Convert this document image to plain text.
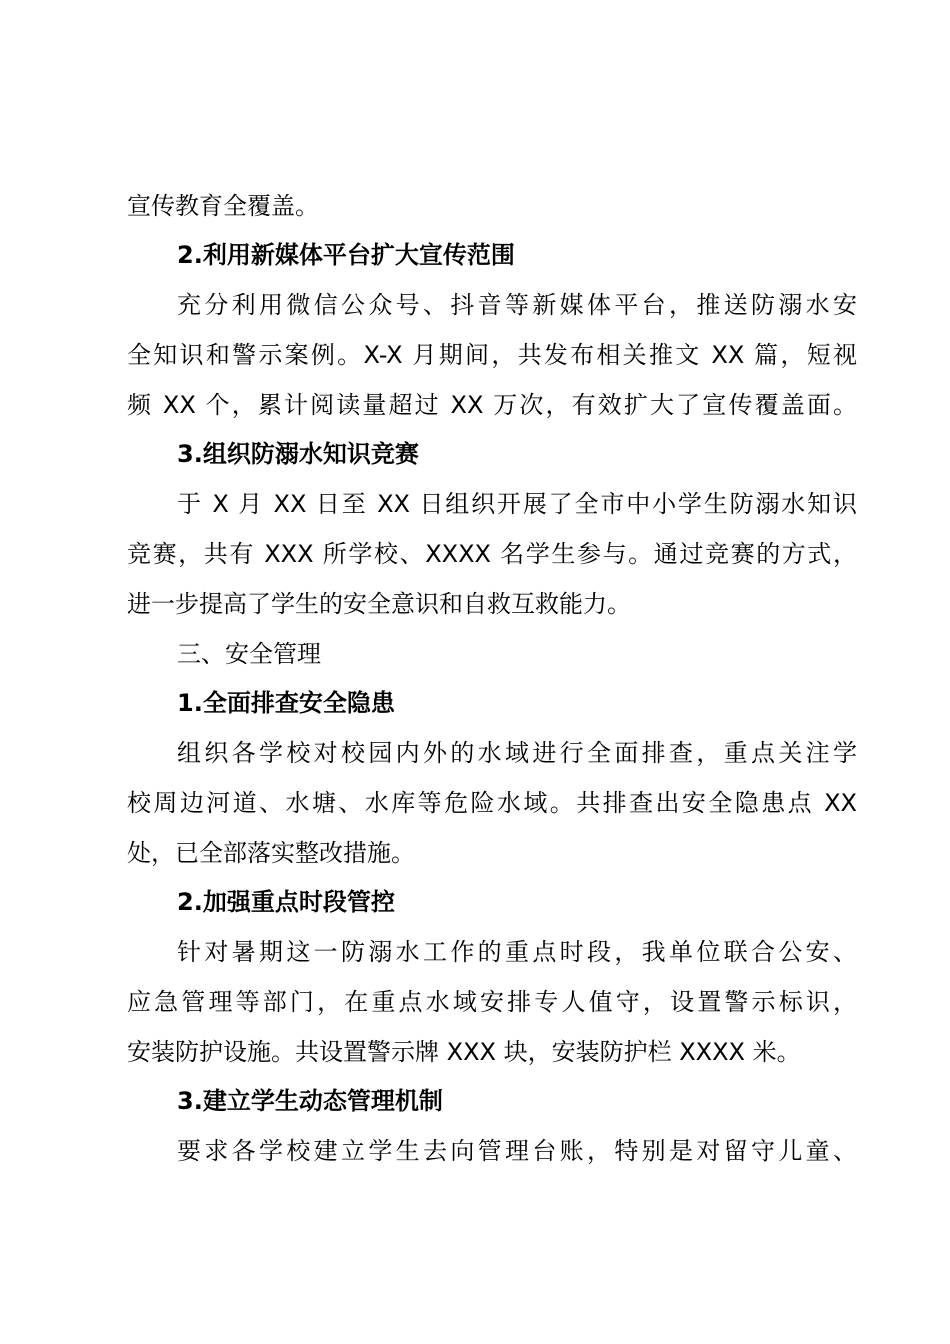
宣传教育全覆盖。
2.利用新媒体平台扩大宣传范围
充分利用微信公众号、抖音等新媒体平台，推送防溺水安
全知识和警示案例。X-X 月期间，共发布相关推文 XX 篇，短视
频 XX 个，累计阅读量超过 XX 万次，有效扩大了宣传覆盖面。
3.组织防溺水知识竞赛
于 X 月 XX 日至 XX 日组织开展了全市中小学生防溺水知识
竞赛，共有 XXX 所学校、XXXX 名学生参与。通过竞赛的方式，
进一步提高了学生的安全意识和自救互救能力。
三、安全管理
1.全面排查安全隐患
组织各学校对校园内外的水域进行全面排查，重点关注学
校周边河道、水塘、水库等危险水域。共排查出安全隐患点 XX
处，已全部落实整改措施。
2.加强重点时段管控
针对暑期这一防溺水工作的重点时段，我单位联合公安、
应急管理等部门，在重点水域安排专人值守，设置警示标识，
安装防护设施。共设置警示牌 XXX 块，安装防护栏 XXXX 米。
3.建立学生动态管理机制
要求各学校建立学生去向管理台账，特别是对留守儿童、
